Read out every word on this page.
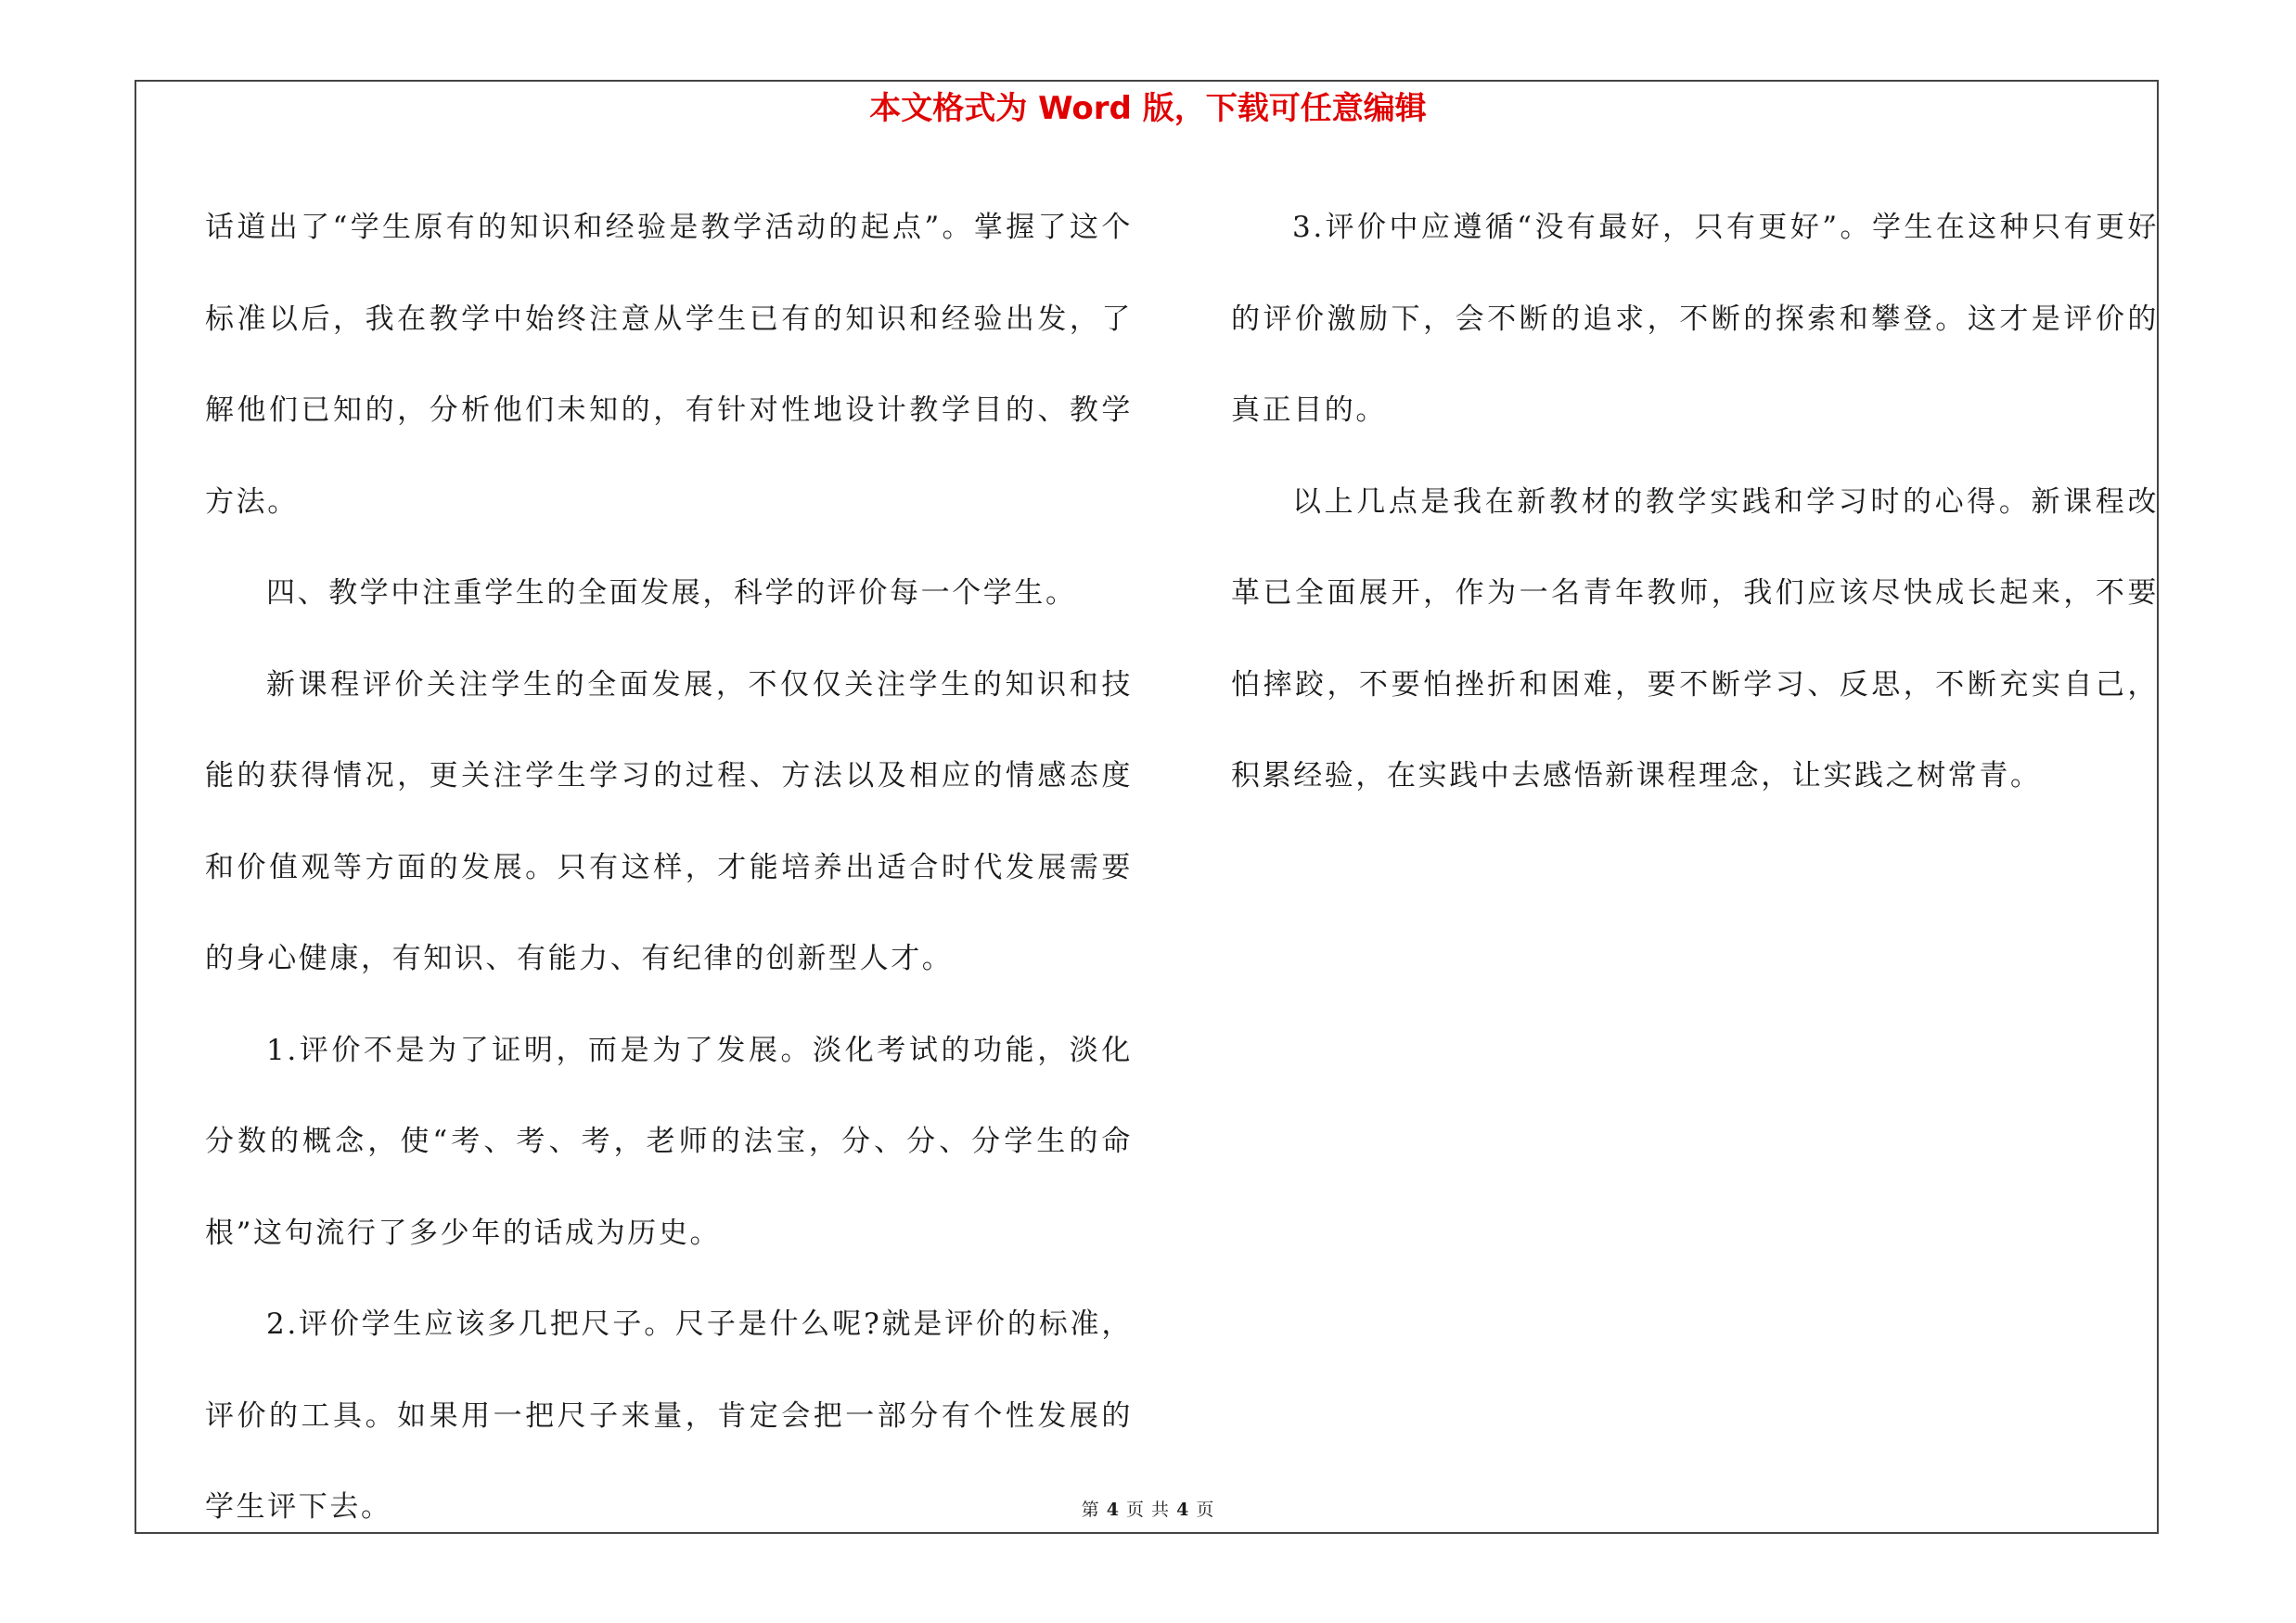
本文格式为 Word 版，下载可任意编辑

话道出了“学生原有的知识和经验是教学活动的起点”。掌握了这个标准以后，我在教学中始终注意从学生已有的知识和经验出发，了解他们已知的，分析他们未知的，有针对性地设计教学目的、教学方法。

四、教学中注重学生的全面发展，科学的评价每一个学生。

新课程评价关注学生的全面发展，不仅仅关注学生的知识和技能的获得情况，更关注学生学习的过程、方法以及相应的情感态度和价值观等方面的发展。只有这样，才能培养出适合时代发展需要的身心健康，有知识、有能力、有纪律的创新型人才。

1.评价不是为了证明，而是为了发展。淡化考试的功能，淡化分数的概念，使“考、考、考，老师的法宝，分、分、分学生的命根”这句流行了多少年的话成为历史。

2.评价学生应该多几把尺子。尺子是什么呢?就是评价的标准，评价的工具。如果用一把尺子来量，肯定会把一部分有个性发展的学生评下去。

3.评价中应遵循“没有最好，只有更好”。学生在这种只有更好的评价激励下，会不断的追求，不断的探索和攀登。这才是评价的真正目的。

以上几点是我在新教材的教学实践和学习时的心得。新课程改革已全面展开，作为一名青年教师，我们应该尽快成长起来，不要怕摔跤，不要怕挫折和困难，要不断学习、反思，不断充实自己，积累经验，在实践中去感悟新课程理念，让实践之树常青。

第 4 页 共 4 页
